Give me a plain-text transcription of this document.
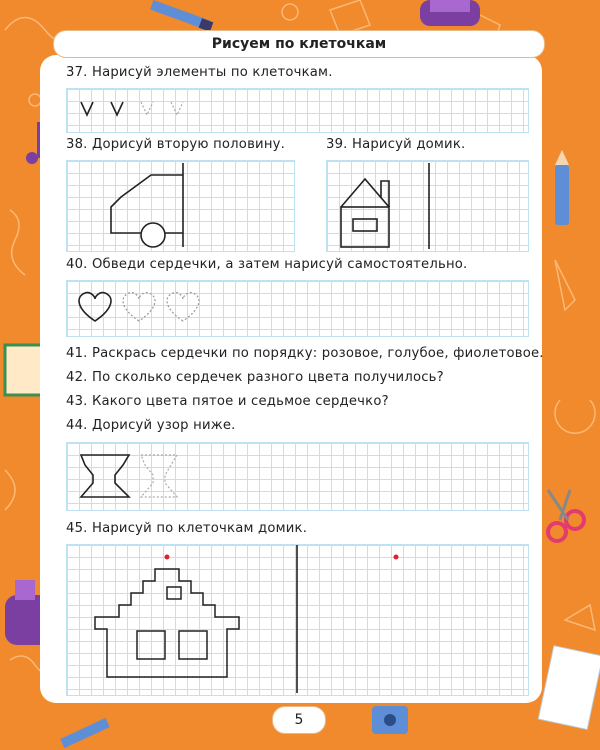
Рисуем по клеточкам
37. Нарисуй элементы по клеточкам.
38. Дорисуй вторую половину.	39. Нарисуй домик.
40. Обведи сердечки, а затем нарисуй самостоятельно.
41. Раскрась сердечки по порядку: розовое, голубое, фиолетовое.
42. По сколько сердечек разного цвета получилось?
43. Какого цвета пятое и седьмое сердечко?
44. Дорисуй узор ниже.
45. Нарисуй по клеточкам домик.
5
